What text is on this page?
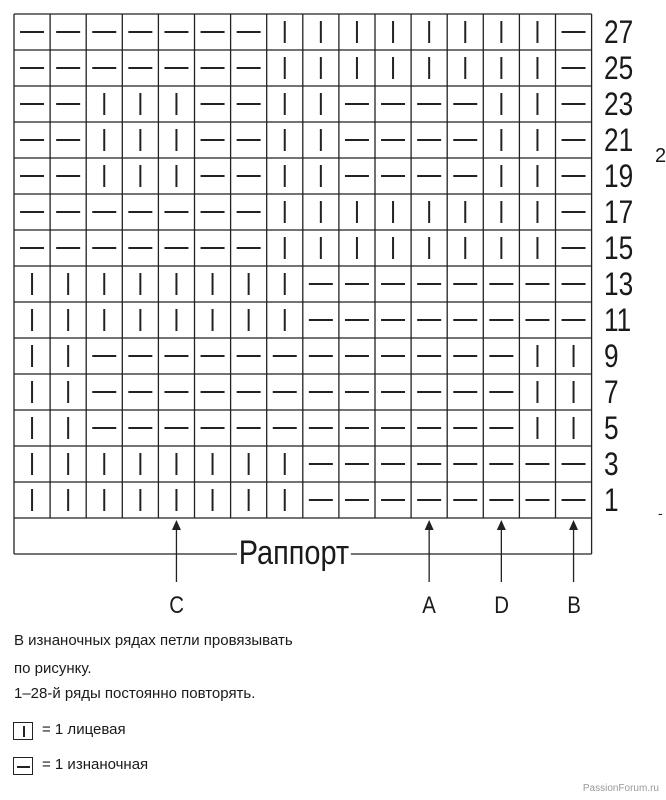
27
25
23
21
19
17
15
13
11
9
7
5
3
1
Раппорт
C	A D B
В изнаночных рядах петли провязывать
по рисунку.
1–28-й ряды постоянно повторять.
= 1 лицевая
= 1 изнаночная
PassionForum.ru
2
-
